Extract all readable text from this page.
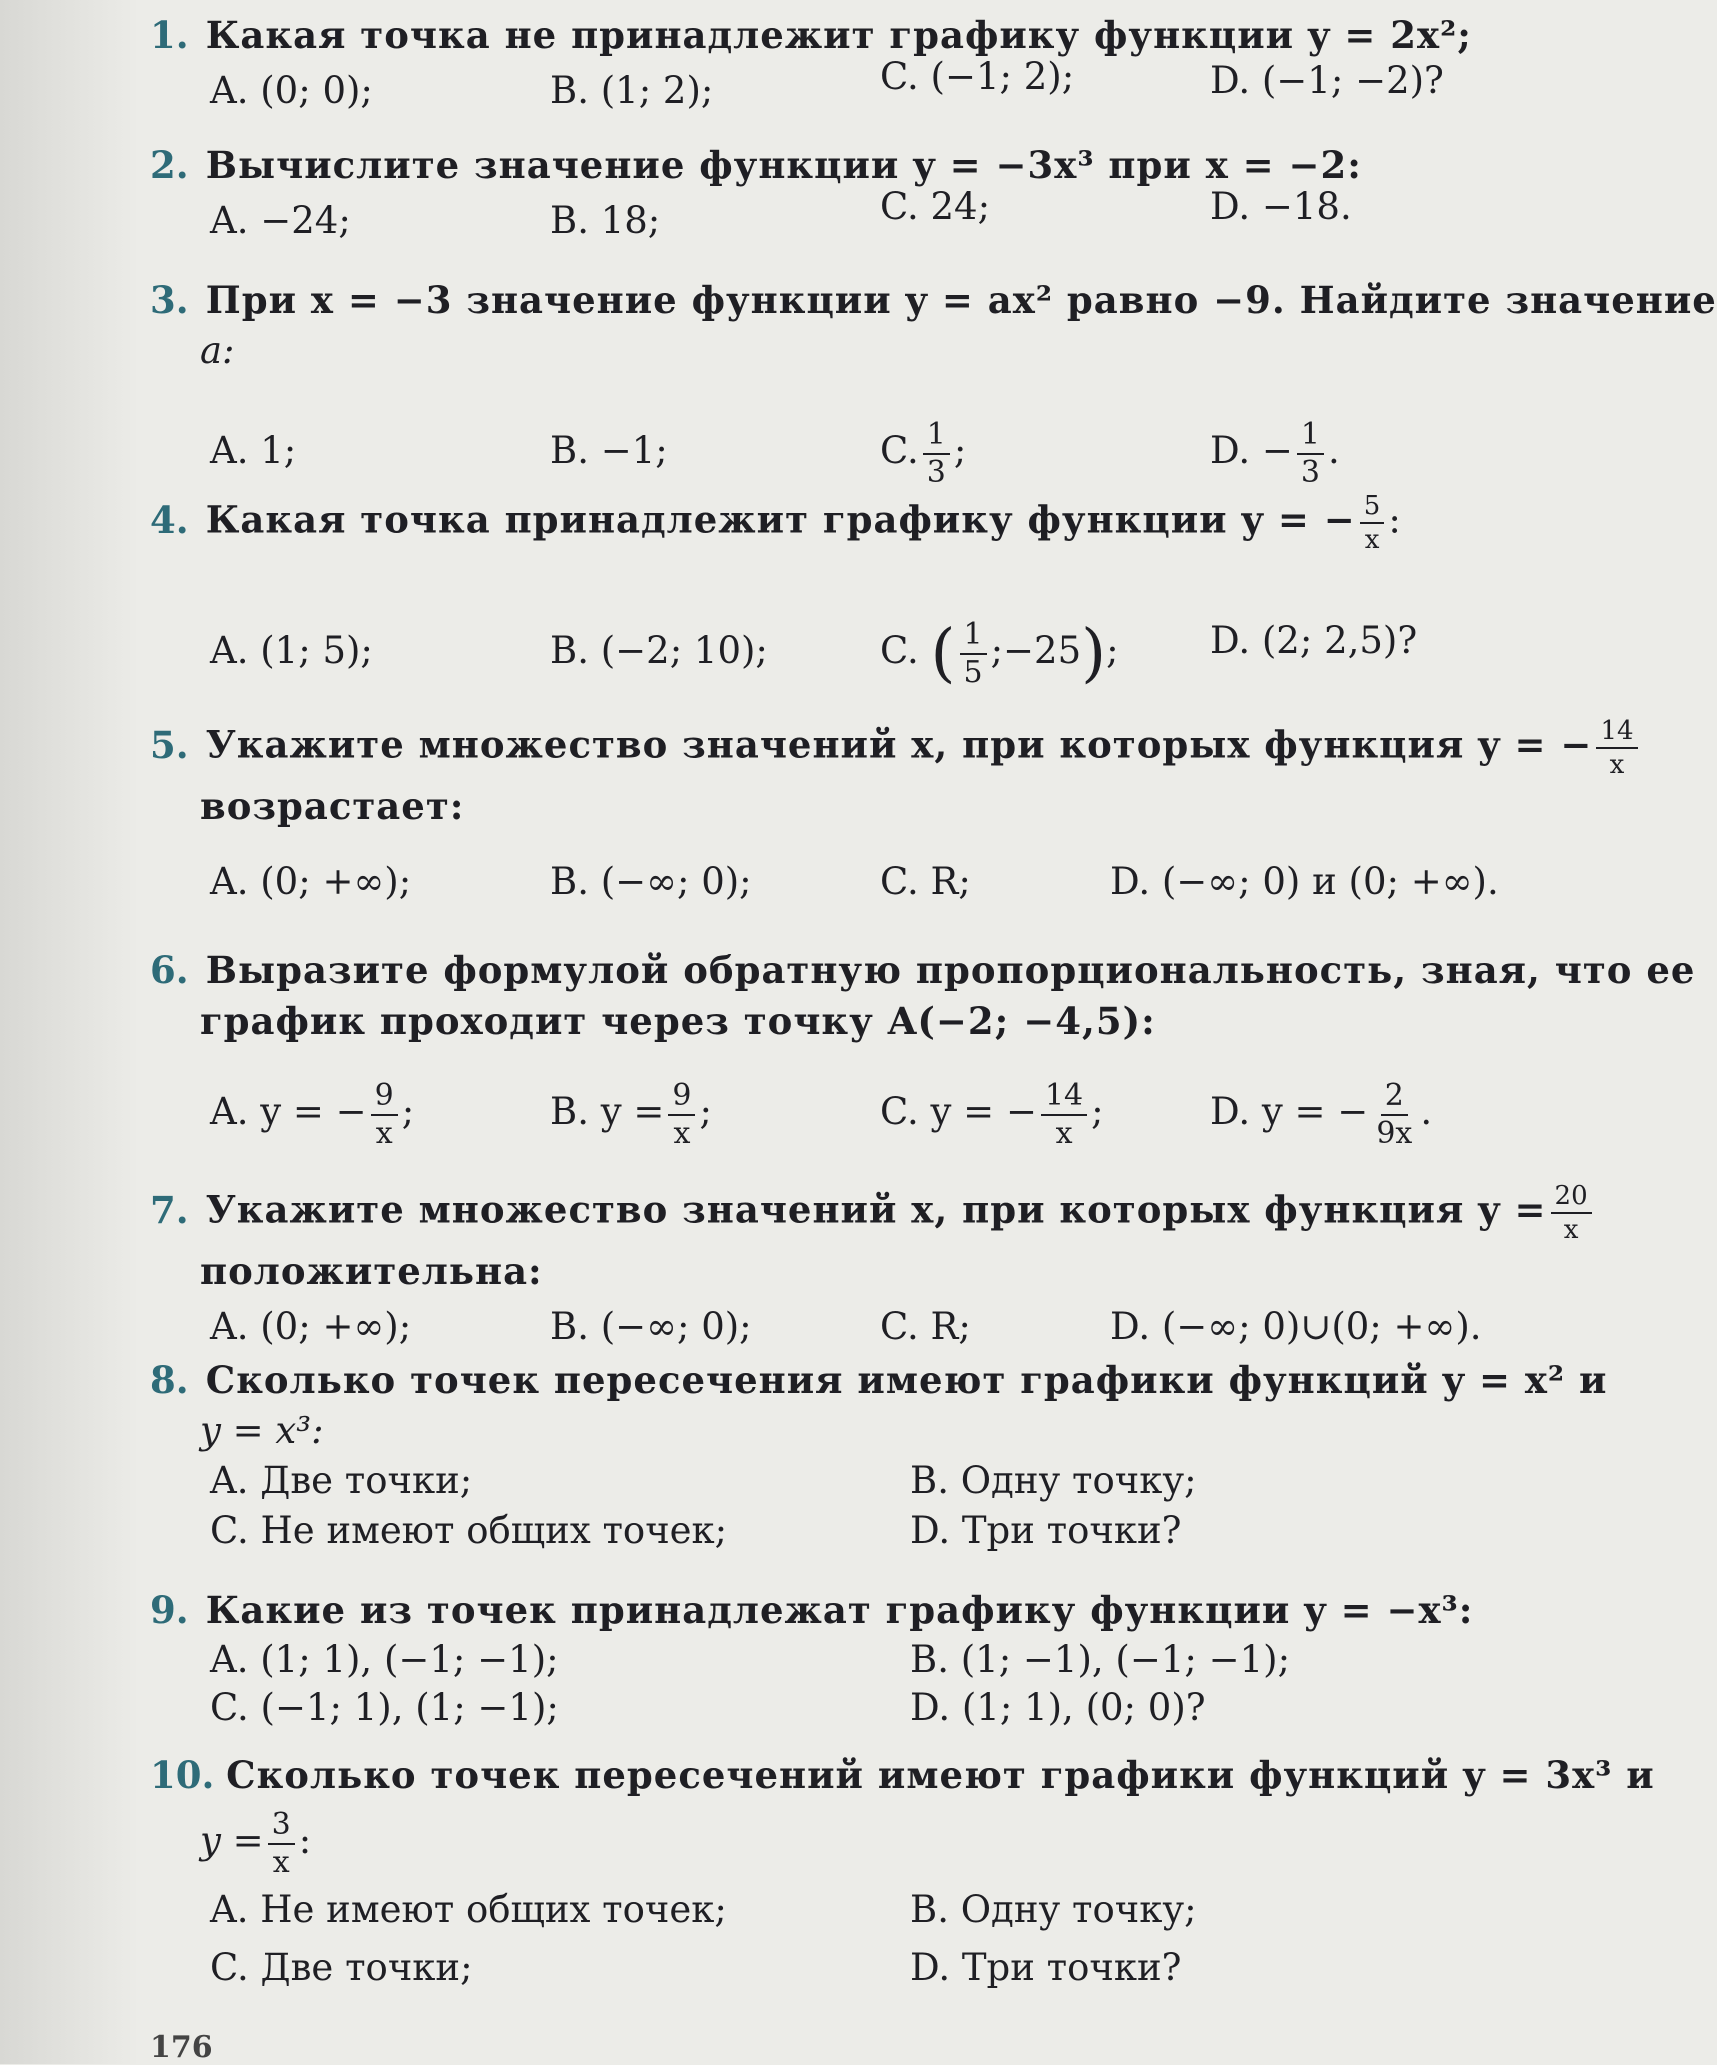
1. Какая точка не принадлежит графику функции y = 2x²;
A. (0; 0);	B. (1; 2);	C. (−1; 2);	D. (−1; −2)?
2. Вычислите значение функции y = −3x³ при x = −2:
A. −24;	B. 18;	C. 24;	D. −18.
3. При x = −3 значение функции y = ax² равно −9. Найдите значение
a:
A. 1;	B. −1;	C. $\frac{1}{3}$ ;	D. − $\frac{1}{3}$ .
4. Какая точка принадлежит графику функции y = − $\frac{5}{x}$ :
A. (1; 5);	B. (−2; 10);	C. ( $\frac{1}{5}$ ;−25); D. (2; 2,5)?
5. Укажите множество значений x, при которых функция y = − $\frac{14}{x}$
возрастает:
A. (0; +∞);	B. (−∞; 0);	C. R;	D. (−∞; 0) и (0; +∞).
6. Выразите формулой обратную пропорциональность, зная, что ее
график проходит через точку A(−2; −4,5):
A. y = − $\frac{9}{x}$ ;	B. $y = \frac{9}{x}$ ;	C. y = − $\frac{14}{x}$ ;	D. y = − $\frac{2}{9x}$ .
7. Укажите множество значений x, при которых функция $y = \frac{20}{x}$
положительна:
A. (0; +∞);	B. (−∞; 0);	C. R;	D. (−∞; 0)∪(0; +∞).
8. Сколько точек пересечения имеют графики функций y = x² и
y = x³:
A. Две точки;	B. Одну точку;
C. Не имеют общих точек;	D. Три точки?
9. Какие из точек принадлежат графику функции y = −x³:
A. (1; 1), (−1; −1);	B. (1; −1), (−1; −1);
C. (−1; 1), (1; −1);	D. (1; 1), (0; 0)?
10. Сколько точек пересечений имеют графики функций y = 3x³ и
$y = \frac{3}{x}$ :
A. Не имеют общих точек;	B. Одну точку;
C. Две точки;	D. Три точки?
176
